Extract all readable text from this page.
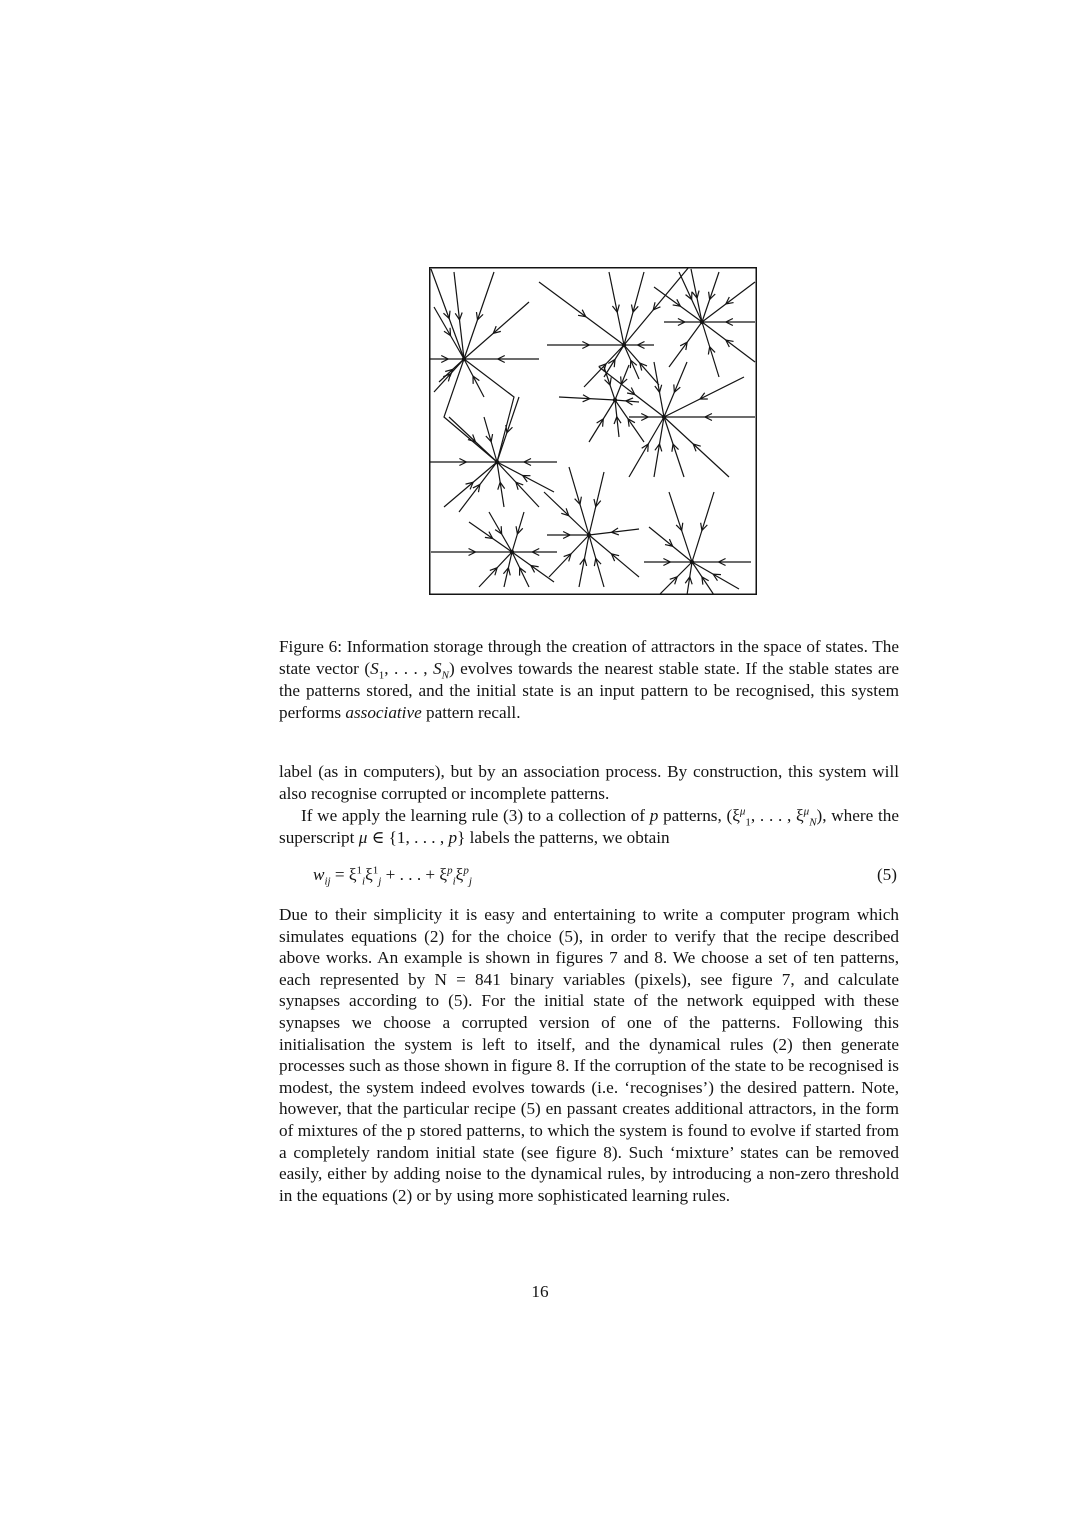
Figure 6: Information storage through the creation of attractors in the space of states. The state vector ($S_1$, . . . , $S_N$) evolves towards the nearest stable state. If the stable states are the patterns stored, and the initial state is an input pattern to be recognised, this system performs associative pattern recall.

label (as in computers), but by an association process. By construction, this system will also recognise corrupted or incomplete patterns.

If we apply the learning rule (3) to a collection of p patterns, ($\xi^\mu_1$, . . . , $\xi^\mu_N$), where the superscript μ ∈ {1, . . . , p} labels the patterns, we obtain

$w_{ij} = \xi^1_i\xi^1_j$ + . . . + $\xi^p_i\xi^p_j$	(5)

Due to their simplicity it is easy and entertaining to write a computer program which simulates equations (2) for the choice (5), in order to verify that the recipe described above works. An example is shown in figures 7 and 8. We choose a set of ten patterns, each represented by N = 841 binary variables (pixels), see figure 7, and calculate synapses according to (5). For the initial state of the network equipped with these synapses we choose a corrupted version of one of the patterns. Following this initialisation the system is left to itself, and the dynamical rules (2) then generate processes such as those shown in figure 8. If the corruption of the state to be recognised is modest, the system indeed evolves towards (i.e. ‘recognises’) the desired pattern. Note, however, that the particular recipe (5) en passant creates additional attractors, in the form of mixtures of the p stored patterns, to which the system is found to evolve if started from a completely random initial state (see figure 8). Such ‘mixture’ states can be removed easily, either by adding noise to the dynamical rules, by introducing a non-zero threshold in the equations (2) or by using more sophisticated learning rules.

16
